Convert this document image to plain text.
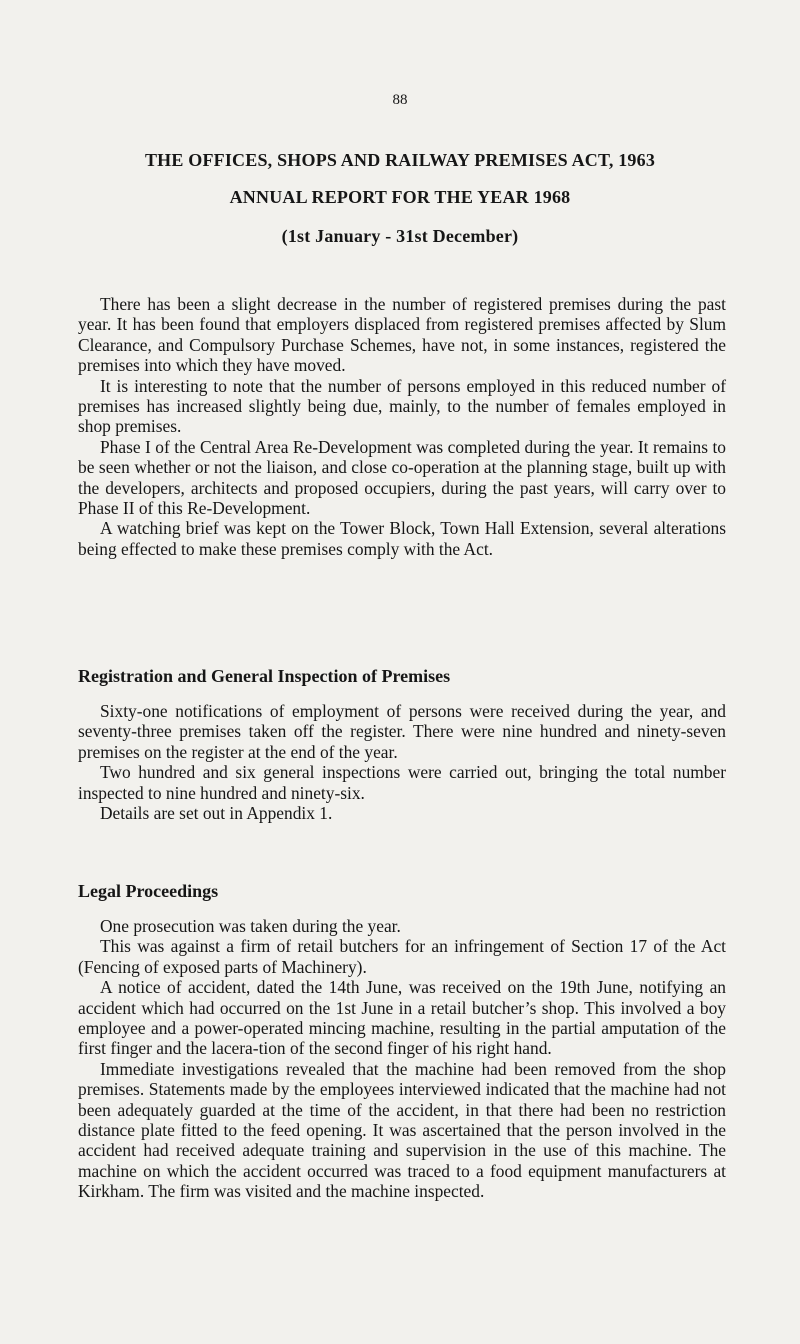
88
THE OFFICES, SHOPS AND RAILWAY PREMISES ACT, 1963
ANNUAL REPORT FOR THE YEAR 1968
(1st January - 31st December)

There has been a slight decrease in the number of registered premises during the past year. It has been found that employers displaced from registered premises affected by Slum Clearance, and Compulsory Purchase Schemes, have not, in some instances, registered the premises into which they have moved.

It is interesting to note that the number of persons employed in this reduced number of premises has increased slightly being due, mainly, to the number of females employed in shop premises.

Phase I of the Central Area Re-Development was completed during the year. It remains to be seen whether or not the liaison, and close co-operation at the planning stage, built up with the developers, architects and proposed occupiers, during the past years, will carry over to Phase II of this Re-Development.

A watching brief was kept on the Tower Block, Town Hall Extension, several alterations being effected to make these premises comply with the Act.

Registration and General Inspection of Premises

Sixty-one notifications of employment of persons were received during the year, and seventy-three premises taken off the register. There were nine hundred and ninety-seven premises on the register at the end of the year.

Two hundred and six general inspections were carried out, bringing the total number inspected to nine hundred and ninety-six.

Details are set out in Appendix 1.

Legal Proceedings

One prosecution was taken during the year.

This was against a firm of retail butchers for an infringement of Section 17 of the Act (Fencing of exposed parts of Machinery).

A notice of accident, dated the 14th June, was received on the 19th June, notifying an accident which had occurred on the 1st June in a retail butcher’s shop. This involved a boy employee and a power-operated mincing machine, resulting in the partial amputation of the first finger and the lacera-tion of the second finger of his right hand.

Immediate investigations revealed that the machine had been removed from the shop premises. Statements made by the employees interviewed indicated that the machine had not been adequately guarded at the time of the accident, in that there had been no restriction distance plate fitted to the feed opening. It was ascertained that the person involved in the accident had received adequate training and supervision in the use of this machine. The machine on which the accident occurred was traced to a food equipment manufacturers at Kirkham. The firm was visited and the machine inspected.
